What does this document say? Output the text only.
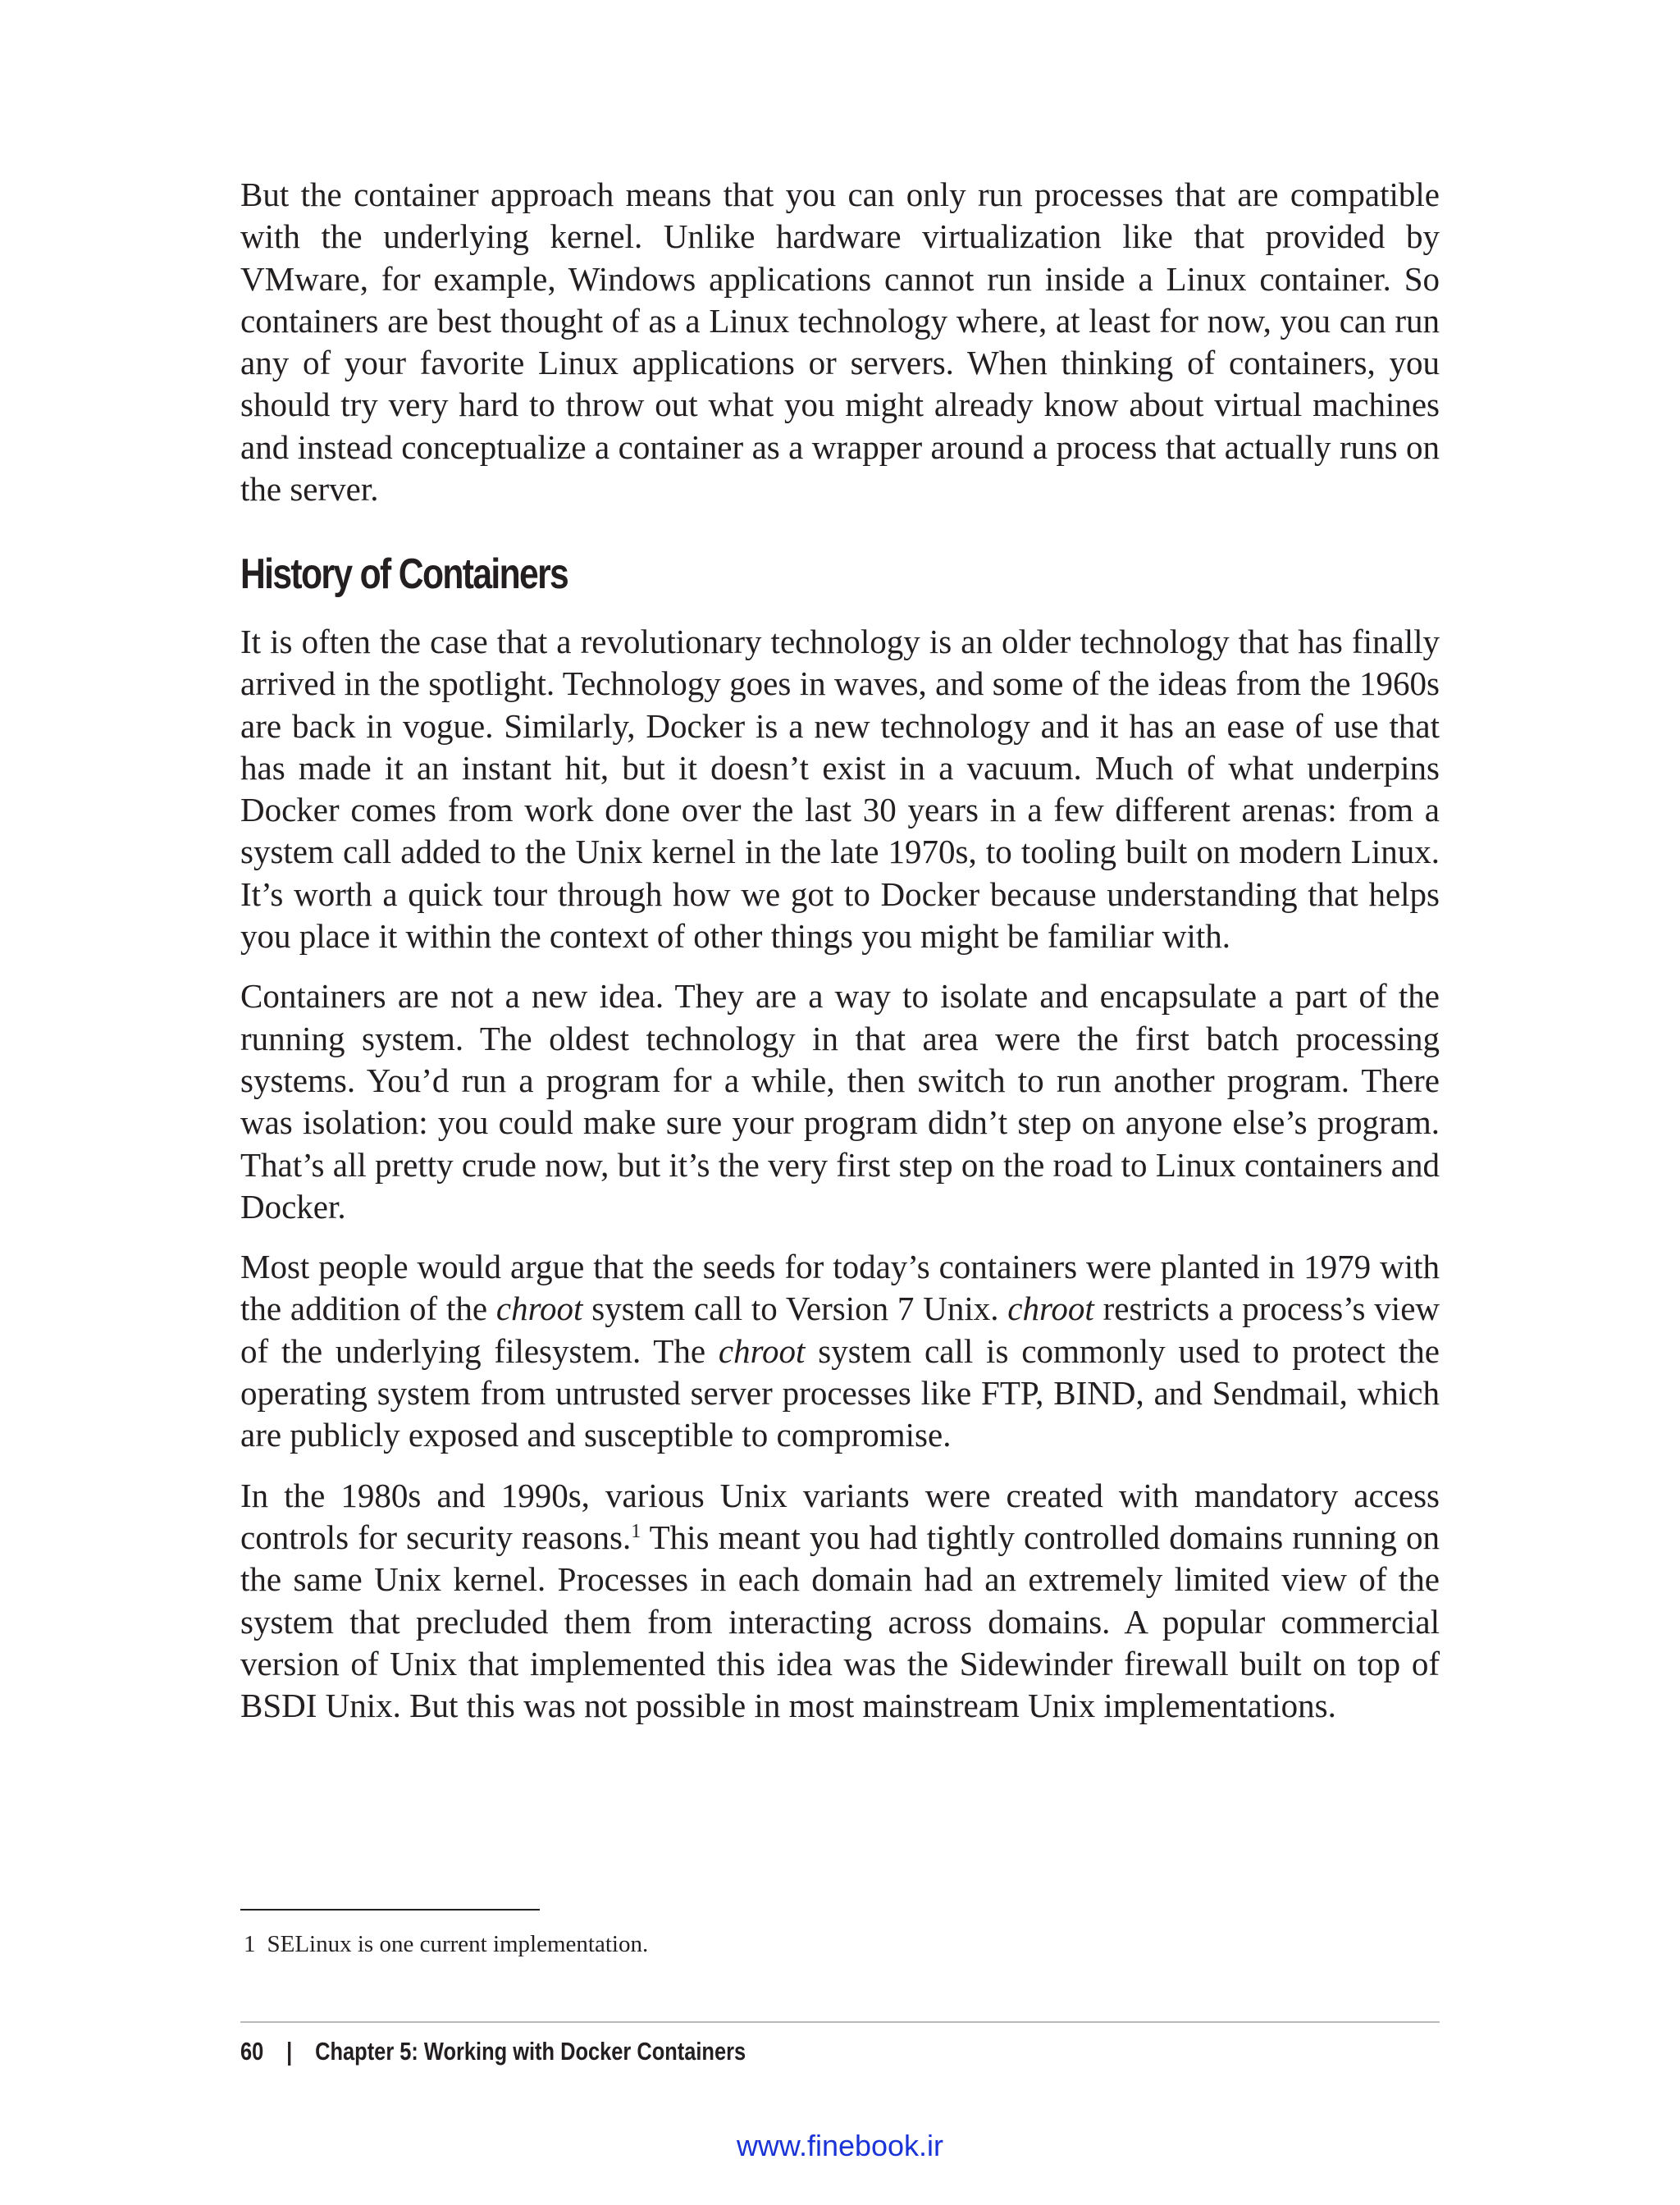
But the container approach means that you can only run processes that are compatible with the underlying kernel. Unlike hardware virtualization like that provided by VMware, for example, Windows applications cannot run inside a Linux container. So containers are best thought of as a Linux technology where, at least for now, you can run any of your favorite Linux applications or servers. When thinking of containers, you should try very hard to throw out what you might already know about virtual machines and instead conceptualize a container as a wrapper around a process that actually runs on the server.

History of Containers

It is often the case that a revolutionary technology is an older technology that has finally arrived in the spotlight. Technology goes in waves, and some of the ideas from the 1960s are back in vogue. Similarly, Docker is a new technology and it has an ease of use that has made it an instant hit, but it doesn’t exist in a vacuum. Much of what underpins Docker comes from work done over the last 30 years in a few different arenas: from a system call added to the Unix kernel in the late 1970s, to tooling built on modern Linux. It’s worth a quick tour through how we got to Docker because understanding that helps you place it within the context of other things you might be familiar with.

Containers are not a new idea. They are a way to isolate and encapsulate a part of the running system. The oldest technology in that area were the first batch processing systems. You’d run a program for a while, then switch to run another program. There was isolation: you could make sure your program didn’t step on anyone else’s program. That’s all pretty crude now, but it’s the very first step on the road to Linux containers and Docker.

Most people would argue that the seeds for today’s containers were planted in 1979 with the addition of the chroot system call to Version 7 Unix. chroot restricts a process’s view of the underlying filesystem. The chroot system call is commonly used to protect the operating system from untrusted server processes like FTP, BIND, and Sendmail, which are publicly exposed and susceptible to compromise.

In the 1980s and 1990s, various Unix variants were created with mandatory access controls for security reasons.$^1$ This meant you had tightly controlled domains running on the same Unix kernel. Processes in each domain had an extremely limited view of the system that precluded them from interacting across domains. A popular commercial version of Unix that implemented this idea was the Sidewinder firewall built on top of BSDI Unix. But this was not possible in most mainstream Unix implementations.

1 SELinux is one current implementation.
60 | Chapter 5: Working with Docker Containers
www.finebook.ir
